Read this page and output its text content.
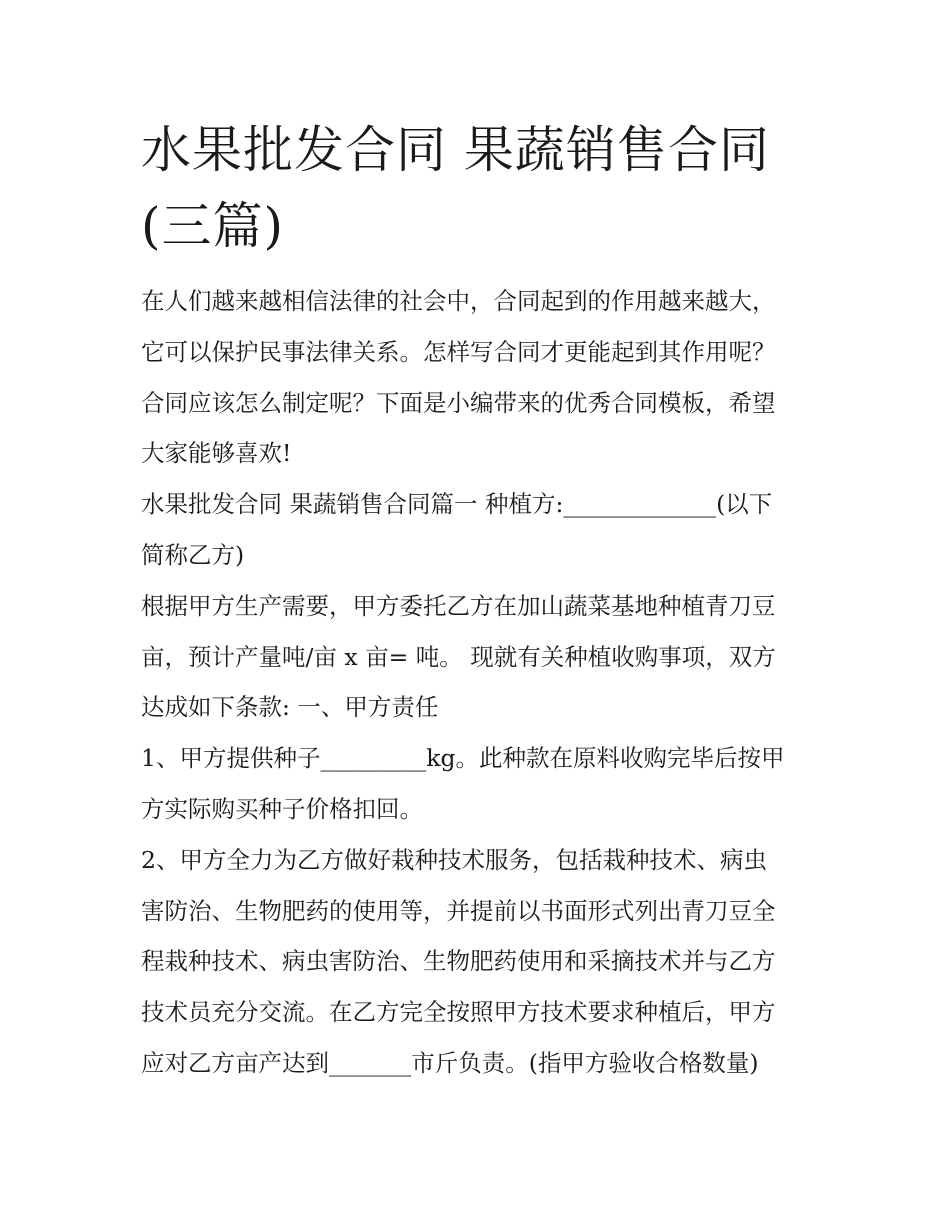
水果批发合同 果蔬销售合同
(三篇)

在人们越来越相信法律的社会中，合同起到的作用越来越大，
它可以保护民事法律关系。怎样写合同才更能起到其作用呢？
合同应该怎么制定呢？下面是小编带来的优秀合同模板，希望
大家能够喜欢!

水果批发合同 果蔬销售合同篇一 种植方:_____________(以下
简称乙方)

根据甲方生产需要，甲方委托乙方在加山蔬菜基地种植青刀豆
亩，预计产量吨/亩 x 亩= 吨。 现就有关种植收购事项，双方
达成如下条款: 一、甲方责任

1、甲方提供种子_________kg。此种款在原料收购完毕后按甲
方实际购买种子价格扣回。

2、甲方全力为乙方做好栽种技术服务，包括栽种技术、病虫
害防治、生物肥药的使用等，并提前以书面形式列出青刀豆全
程栽种技术、病虫害防治、生物肥药使用和采摘技术并与乙方
技术员充分交流。在乙方完全按照甲方技术要求种植后，甲方
应对乙方亩产达到_______市斤负责。(指甲方验收合格数量)
